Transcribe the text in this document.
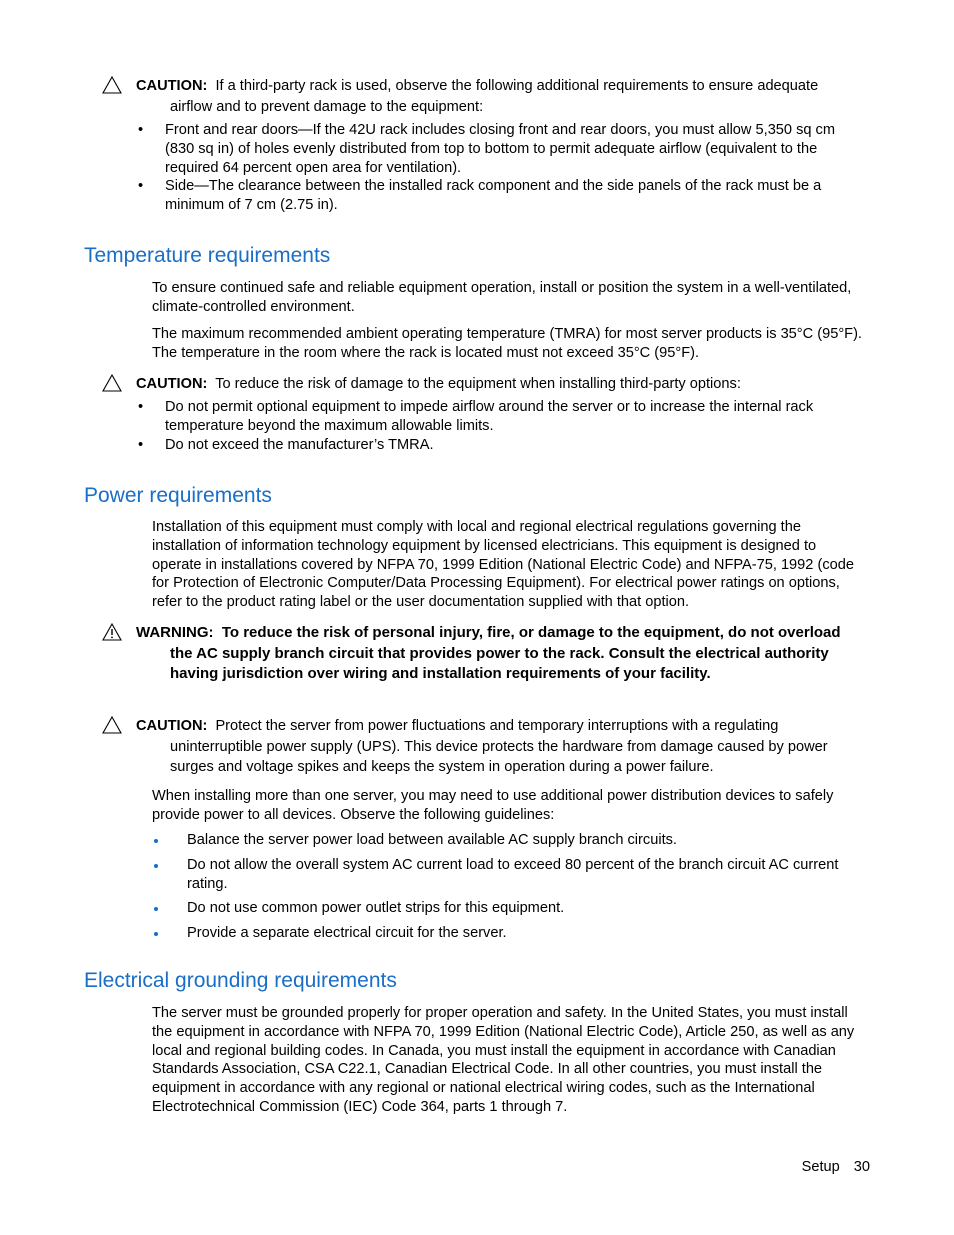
CAUTION: If a third-party rack is used, observe the following additional requirements to ensure adequate airflow and to prevent damage to the equipment:

• Front and rear doors—If the 42U rack includes closing front and rear doors, you must allow 5,350 sq cm (830 sq in) of holes evenly distributed from top to bottom to permit adequate airflow (equivalent to the required 64 percent open area for ventilation).
• Side—The clearance between the installed rack component and the side panels of the rack must be a minimum of 7 cm (2.75 in).
Temperature requirements

To ensure continued safe and reliable equipment operation, install or position the system in a well-ventilated, climate-controlled environment.

The maximum recommended ambient operating temperature (TMRA) for most server products is 35°C (95°F). The temperature in the room where the rack is located must not exceed 35°C (95°F).

CAUTION: To reduce the risk of damage to the equipment when installing third-party options:

• Do not permit optional equipment to impede airflow around the server or to increase the internal rack temperature beyond the maximum allowable limits.
• Do not exceed the manufacturer’s TMRA.
Power requirements

Installation of this equipment must comply with local and regional electrical regulations governing the installation of information technology equipment by licensed electricians. This equipment is designed to operate in installations covered by NFPA 70, 1999 Edition (National Electric Code) and NFPA-75, 1992 (code for Protection of Electronic Computer/Data Processing Equipment). For electrical power ratings on options, refer to the product rating label or the user documentation supplied with that option.

WARNING: To reduce the risk of personal injury, fire, or damage to the equipment, do not overload the AC supply branch circuit that provides power to the rack. Consult the electrical authority having jurisdiction over wiring and installation requirements of your facility.

CAUTION: Protect the server from power fluctuations and temporary interruptions with a regulating uninterruptible power supply (UPS). This device protects the hardware from damage caused by power surges and voltage spikes and keeps the system in operation during a power failure.

When installing more than one server, you may need to use additional power distribution devices to safely provide power to all devices. Observe the following guidelines:

Balance the server power load between available AC supply branch circuits.
Do not allow the overall system AC current load to exceed 80 percent of the branch circuit AC current rating.
Do not use common power outlet strips for this equipment.
Provide a separate electrical circuit for the server.
Electrical grounding requirements

The server must be grounded properly for proper operation and safety. In the United States, you must install the equipment in accordance with NFPA 70, 1999 Edition (National Electric Code), Article 250, as well as any local and regional building codes. In Canada, you must install the equipment in accordance with Canadian Standards Association, CSA C22.1, Canadian Electrical Code. In all other countries, you must install the equipment in accordance with any regional or national electrical wiring codes, such as the International Electrotechnical Commission (IEC) Code 364, parts 1 through 7.

Setup 30
